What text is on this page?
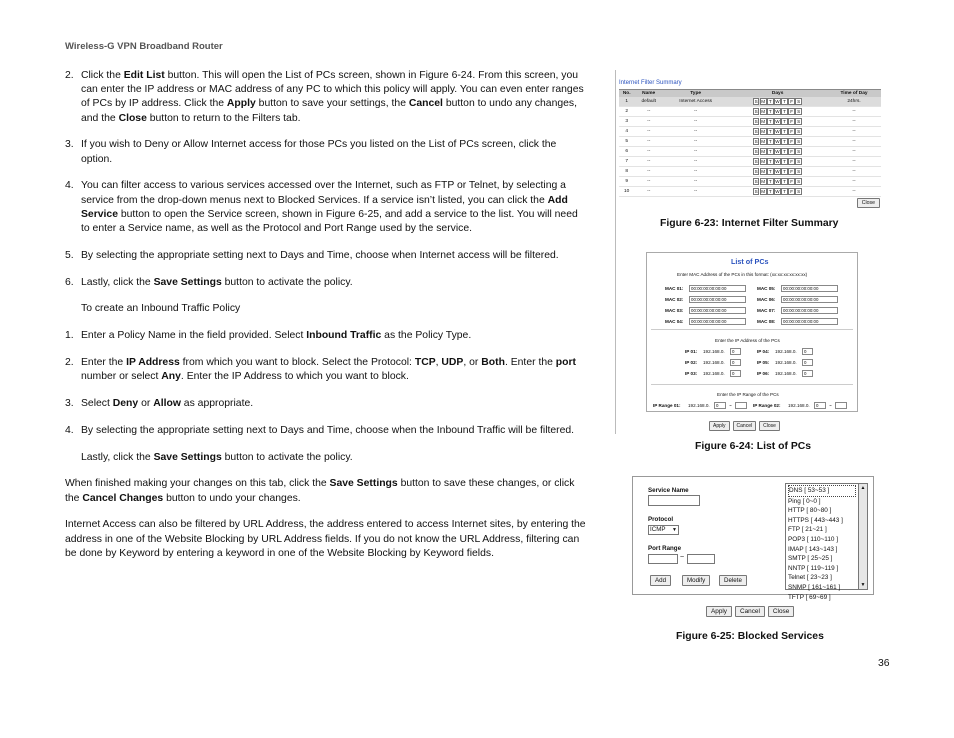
Wireless-G VPN Broadband Router

2. Click the Edit List button. This will open the List of PCs screen, shown in Figure 6-24. From this screen, you can enter the IP address or MAC address of any PC to which this policy will apply. You can even enter ranges of PCs by IP address. Click the Apply button to save your settings, the Cancel button to undo any changes, and the Close button to return to the Filters tab.

3. If you wish to Deny or Allow Internet access for those PCs you listed on the List of PCs screen, click the option.

4. You can filter access to various services accessed over the Internet, such as FTP or Telnet, by selecting a service from the drop-down menus next to Blocked Services. If a service isn’t listed, you can click the Add Service button to open the Service screen, shown in Figure 6-25, and add a service to the list. You will need to enter a Service name, as well as the Protocol and Port Range used by the service.

5. By selecting the appropriate setting next to Days and Time, choose when Internet access will be filtered.

6. Lastly, click the Save Settings button to activate the policy.

To create an Inbound Traffic Policy

1. Enter a Policy Name in the field provided. Select Inbound Traffic as the Policy Type.

2. Enter the IP Address from which you want to block. Select the Protocol: TCP, UDP, or Both. Enter the port number or select Any. Enter the IP Address to which you want to block.

3. Select Deny or Allow as appropriate.

4. By selecting the appropriate setting next to Days and Time, choose when the Inbound Traffic will be filtered.

Lastly, click the Save Settings button to activate the policy.

When finished making your changes on this tab, click the Save Settings button to save these changes, or click the Cancel Changes button to undo your changes.

Internet Access can also be filtered by URL Address, the address entered to access Internet sites, by entering the address in one of the Website Blocking by URL Address fields. If you do not know the URL Address, filtering can be done by Keyword by entering a keyword in one of the Website Blocking by Keyword fields.

Internet Filter Summary
No.	Name	Type	Days	Time of Day
1	default	Internet Access	S M T W T F S	24hrs.
2	--	--	S M T W T F S	--
3	--	--	S M T W T F S	--
4	--	--	S M T W T F S	--
5	--	--	S M T W T F S	--
6	--	--	S M T W T F S	--
7	--	--	S M T W T F S	--
8	--	--	S M T W T F S	--
9	--	--	S M T W T F S	--
10	--	--	S M T W T F S	--
Close
Figure 6-23: Internet Filter Summary
List of PCs
Enter MAC Address of the PCs in this format: (xx:xx:xx:xx:xx:xx)
Enter the IP Address of the PCs
Enter the IP Range of the PCs
MAC 01:	00:00:00:00:00:00
MAC 02:	00:00:00:00:00:00
MAC 03:	00:00:00:00:00:00
MAC 04:	00:00:00:00:00:00
MAC 05:	00:00:00:00:00:00
MAC 06:	00:00:00:00:00:00
MAC 07:	00:00:00:00:00:00
MAC 08:	00:00:00:00:00:00
IP 01: 192.168.0.	0
IP 02: 192.168.0.	0
IP 03: 192.168.0.	0
IP 04: 192.168.0.	0
IP 05: 192.168.0.	0
IP 06: 192.168.0.	0
IP Range 01: 192.168.0.	0	~	IP Range 02: 192.168.0.	0	~
Apply Cancel Close
Figure 6-24: List of PCs
Service Name
Protocol
ICMP ▼
Port Range
~
Add	Modify	Delete
DNS [ 53~53 ]
Ping [ 0~0 ]
HTTP [ 80~80 ]
HTTPS [ 443~443 ]
FTP [ 21~21 ]
POP3 [ 110~110 ]
IMAP [ 143~143 ]
SMTP [ 25~25 ]
NNTP [ 119~119 ]
Telnet [ 23~23 ]
SNMP [ 161~161 ]
TFTP [ 69~69 ]
▲
▼
Apply Cancel Close
Figure 6-25: Blocked Services
36
